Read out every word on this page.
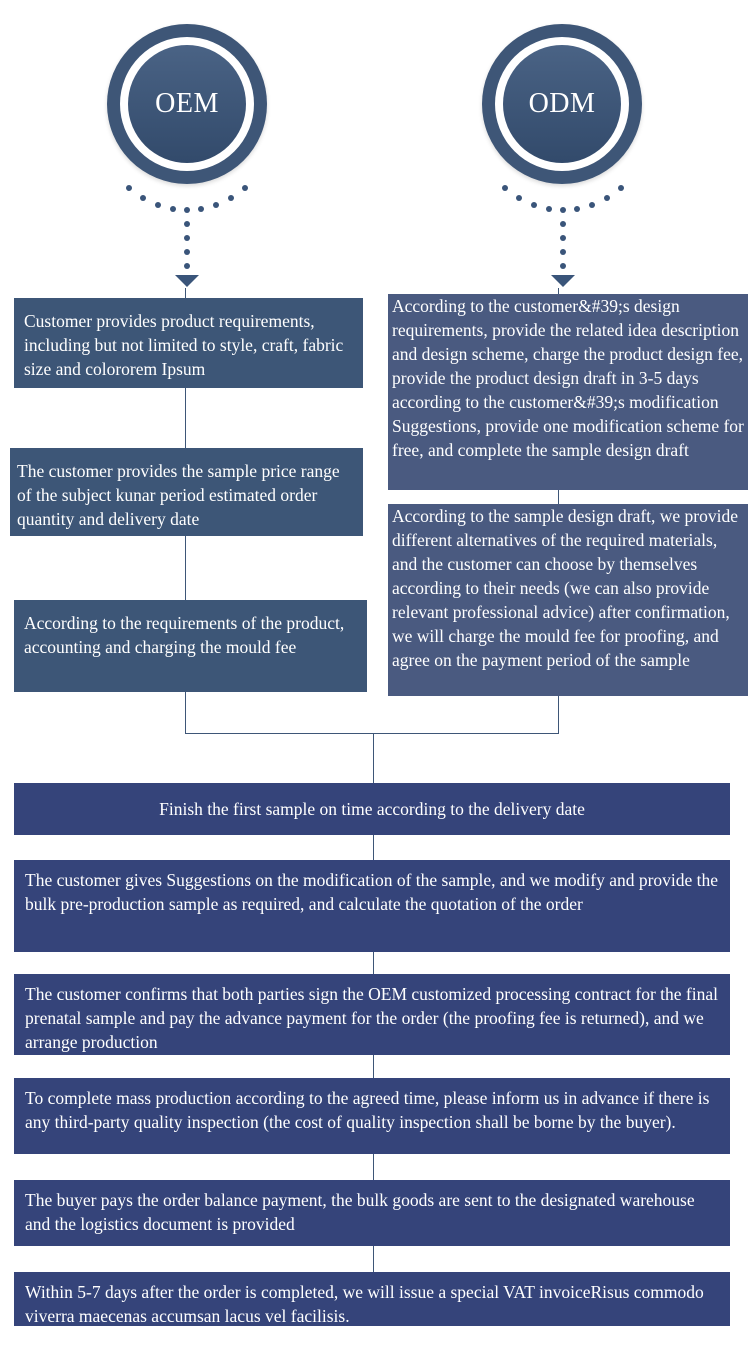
OEM	ODM
Customer provides product requirements, including but not limited to style, craft, fabric size and colororem Ipsum
The customer provides the sample price range of the subject kunar period estimated order quantity and delivery date
According to the requirements of the product, accounting and charging the mould fee
According to the customer&#39;s design requirements, provide the related idea description and design scheme, charge the product design fee, provide the product design draft in 3-5 days according to the customer&#39;s modification Suggestions, provide one modification scheme for free, and complete the sample design draft
According to the sample design draft, we provide different alternatives of the required materials, and the customer can choose by themselves according to their needs (we can also provide relevant professional advice) after confirmation, we will charge the mould fee for proofing, and agree on the payment period of the sample
Finish the first sample on time according to the delivery date
The customer gives Suggestions on the modification of the sample, and we modify and provide the bulk pre-production sample as required, and calculate the quotation of the order
The customer confirms that both parties sign the OEM customized processing contract for the final prenatal sample and pay the advance payment for the order (the proofing fee is returned), and we arrange production
To complete mass production according to the agreed time, please inform us in advance if there is any third-party quality inspection (the cost of quality inspection shall be borne by the buyer).
The buyer pays the order balance payment, the bulk goods are sent to the designated warehouse and the logistics document is provided
Within 5-7 days after the order is completed, we will issue a special VAT invoiceRisus commodo viverra maecenas accumsan lacus vel facilisis.
